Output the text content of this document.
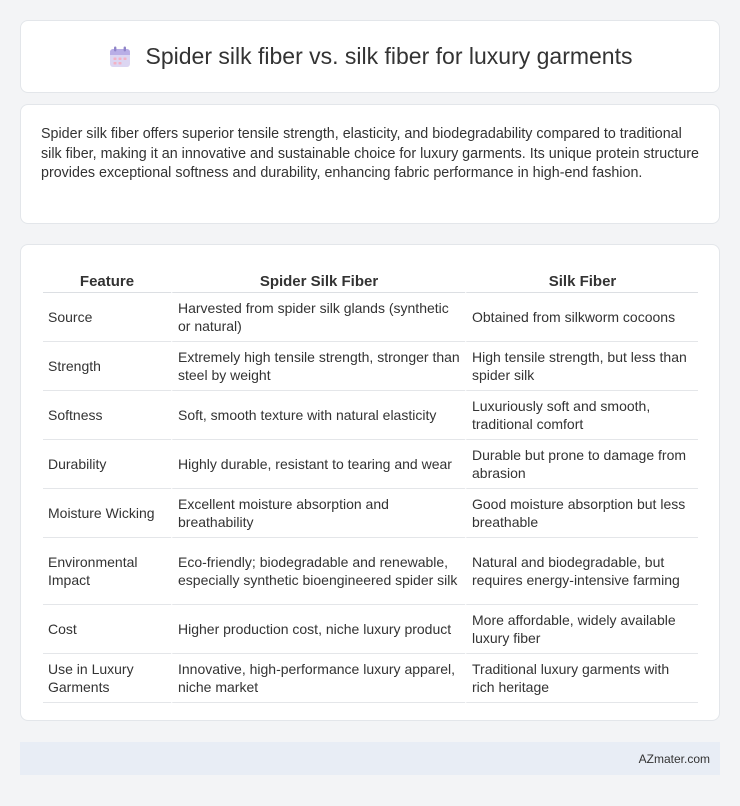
Spider silk fiber vs. silk fiber for luxury garments

Spider silk fiber offers superior tensile strength, elasticity, and biodegradability compared to traditional silk fiber, making it an innovative and sustainable choice for luxury garments. Its unique protein structure provides exceptional softness and durability, enhancing fabric performance in high-end fashion.

Feature	Spider Silk Fiber	Silk Fiber
Source	Harvested from spider silk glands (synthetic or natural)	Obtained from silkworm cocoons
Strength	Extremely high tensile strength, stronger than steel by weight	High tensile strength, but less than spider silk
Softness	Soft, smooth texture with natural elasticity	Luxuriously soft and smooth, traditional comfort
Durability	Highly durable, resistant to tearing and wear	Durable but prone to damage from abrasion
Moisture Wicking	Excellent moisture absorption and breathability	Good moisture absorption but less breathable
Environmental Impact	Eco-friendly; biodegradable and renewable, especially synthetic bioengineered spider silk	Natural and biodegradable, but requires energy-intensive farming
Cost	Higher production cost, niche luxury product	More affordable, widely available luxury fiber
Use in Luxury Garments	Innovative, high-performance luxury apparel, niche market	Traditional luxury garments with rich heritage
AZmater.com
